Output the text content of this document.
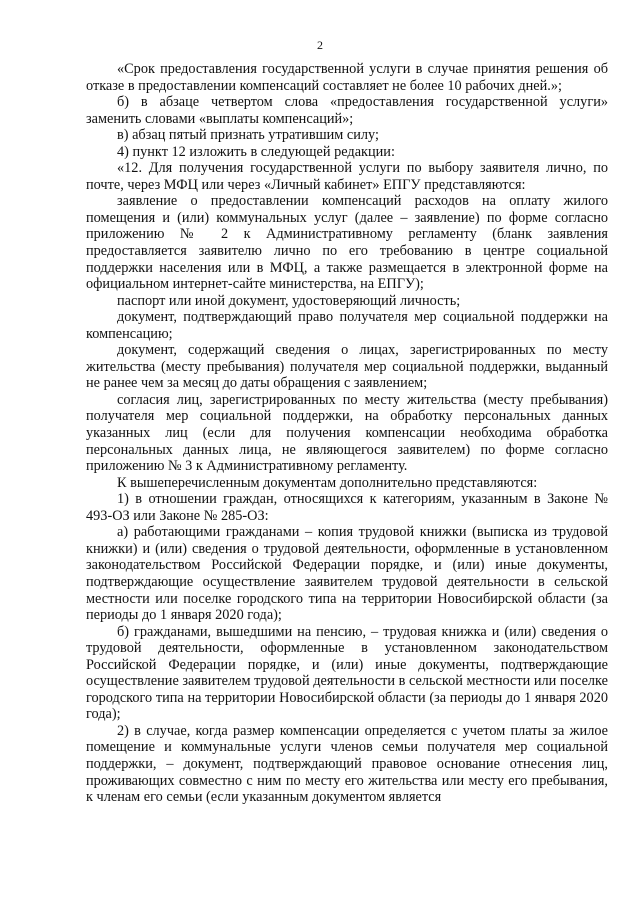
2

«Срок предоставления государственной услуги в случае принятия решения об отказе в предоставлении компенсаций составляет не более 10 рабочих дней.»;

б) в абзаце четвертом слова «предоставления государственной услуги» заменить словами «выплаты компенсаций»;

в) абзац пятый признать утратившим силу;

4) пункт 12 изложить в следующей редакции:

«12. Для получения государственной услуги по выбору заявителя лично, по почте, через МФЦ или через «Личный кабинет» ЕПГУ представляются:

заявление о предоставлении компенсаций расходов на оплату жилого помещения и (или) коммунальных услуг (далее – заявление) по форме согласно приложению № 2 к Административному регламенту (бланк заявления предоставляется заявителю лично по его требованию в центре социальной поддержки населения или в МФЦ, а также размещается в электронной форме на официальном интернет-сайте министерства, на ЕПГУ);

паспорт или иной документ, удостоверяющий личность;

документ, подтверждающий право получателя мер социальной поддержки на компенсацию;

документ, содержащий сведения о лицах, зарегистрированных по месту жительства (месту пребывания) получателя мер социальной поддержки, выданный не ранее чем за месяц до даты обращения с заявлением;

согласия лиц, зарегистрированных по месту жительства (месту пребывания) получателя мер социальной поддержки, на обработку персональных данных указанных лиц (если для получения компенсации необходима обработка персональных данных лица, не являющегося заявителем) по форме согласно приложению № 3 к Административному регламенту.

К вышеперечисленным документам дополнительно представляются:

1) в отношении граждан, относящихся к категориям, указанным в Законе № 493-ОЗ или Законе № 285-ОЗ:

а) работающими гражданами – копия трудовой книжки (выписка из трудовой книжки) и (или) сведения о трудовой деятельности, оформленные в установленном законодательством Российской Федерации порядке, и (или) иные документы, подтверждающие осуществление заявителем трудовой деятельности в сельской местности или поселке городского типа на территории Новосибирской области (за периоды до 1 января 2020 года);

б) гражданами, вышедшими на пенсию, – трудовая книжка и (или) сведения о трудовой деятельности, оформленные в установленном законодательством Российской Федерации порядке, и (или) иные документы, подтверждающие осуществление заявителем трудовой деятельности в сельской местности или поселке городского типа на территории Новосибирской области (за периоды до 1 января 2020 года);

2) в случае, когда размер компенсации определяется с учетом платы за жилое помещение и коммунальные услуги членов семьи получателя мер социальной поддержки, – документ, подтверждающий правовое основание отнесения лиц, проживающих совместно с ним по месту его жительства или месту его пребывания, к членам его семьи (если указанным документом является
